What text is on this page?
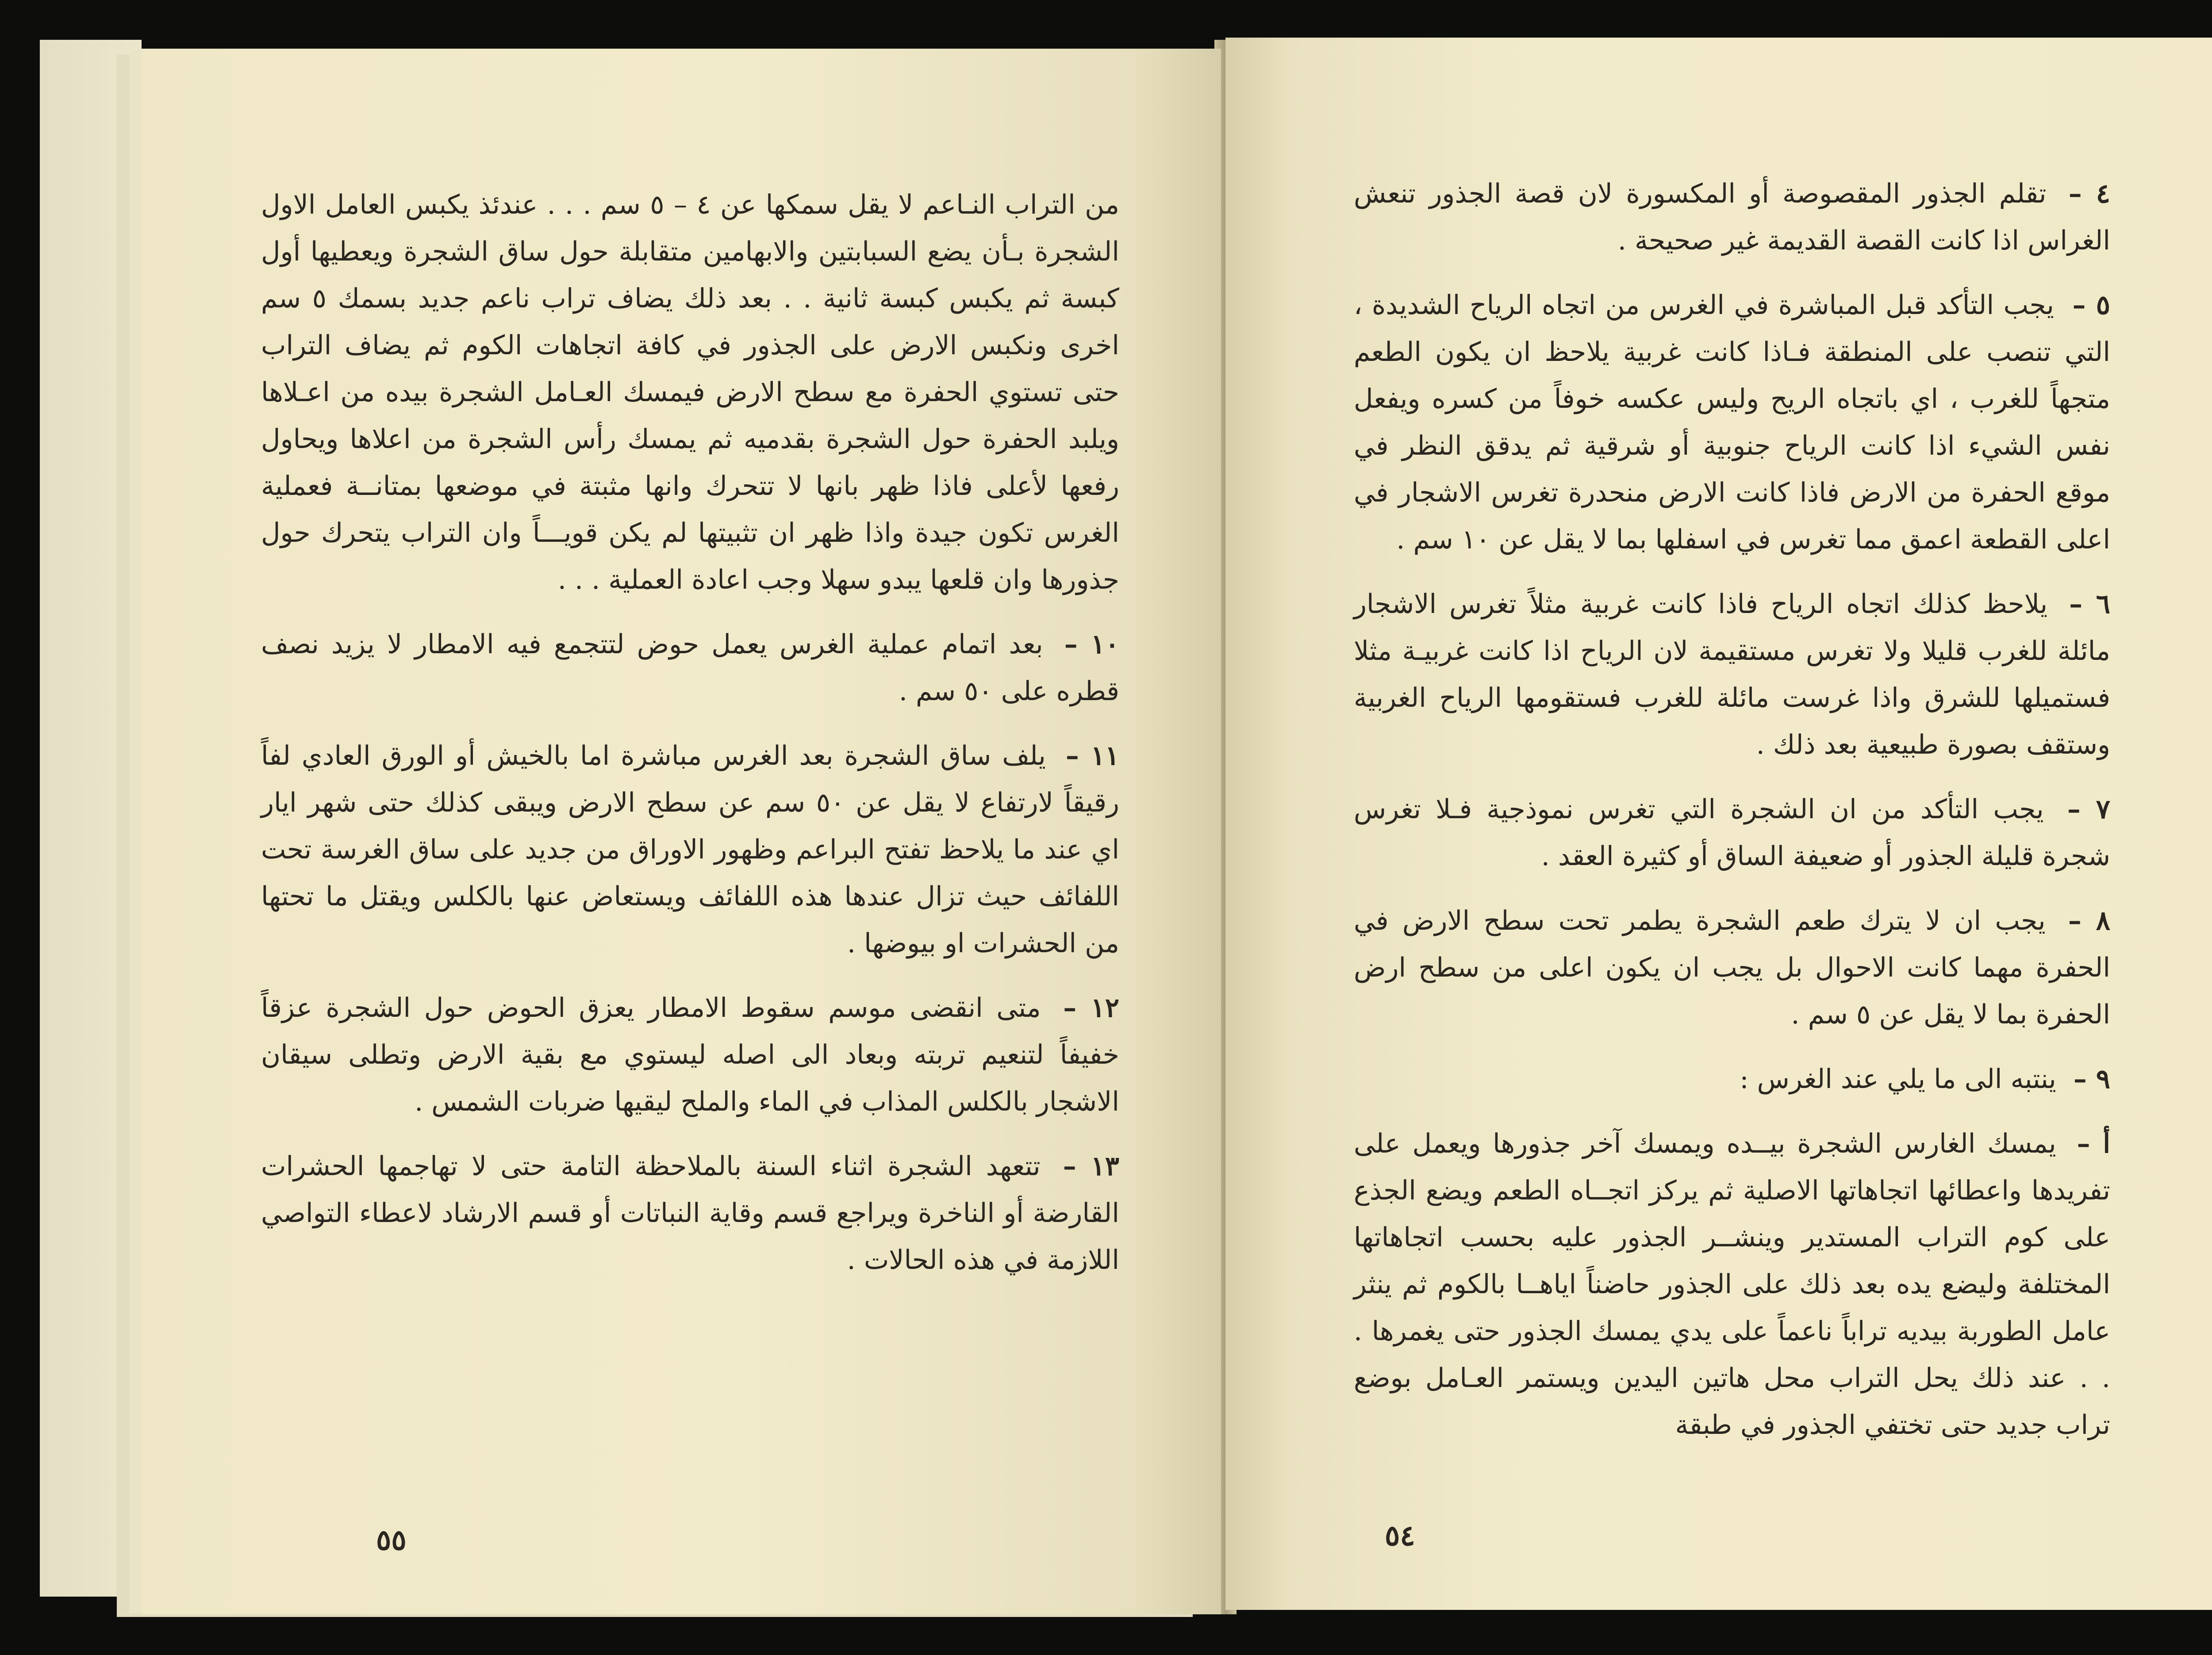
من التراب النـاعم لا يقل سمكها عن ٤ – ٥ سم . . . عندئذ يكبس العامل الاول الشجرة بـأن يضع السبابتين والابهامين متقابلة حول ساق الشجرة ويعطيها أول كبسة ثم يكبس كبسة ثانية . . بعد ذلك يضاف تراب ناعم جديد بسمك ٥ سم اخرى ونكبس الارض على الجذور في كافة اتجاهات الكوم ثم يضاف التراب حتى تستوي الحفرة مع سطح الارض فيمسك العـامل الشجرة بيده من اعـلاها ويلبد الحفرة حول الشجرة بقدميه ثم يمسك رأس الشجرة من اعلاها ويحاول رفعها لأعلى فاذا ظهر بانها لا تتحرك وانها مثبتة في موضعها بمتانــة فعملية الغرس تكون جيدة واذا ظهر ان تثبيتها لم يكن قويـــاً وان التراب يتحرك حول جذورها وان قلعها يبدو سهلا وجب اعادة العملية . . .
١٠ – بعد اتمام عملية الغرس يعمل حوض لتتجمع فيه الامطار لا يزيد نصف قطره على ٥٠ سم .
١١ – يلف ساق الشجرة بعد الغرس مباشرة اما بالخيش أو الورق العادي لفاً رقيقاً لارتفاع لا يقل عن ٥٠ سم عن سطح الارض ويبقى كذلك حتى شهر ايار اي عند ما يلاحظ تفتح البراعم وظهور الاوراق من جديد على ساق الغرسة تحت اللفائف حيث تزال عندها هذه اللفائف ويستعاض عنها بالكلس ويقتل ما تحتها من الحشرات او بيوضها .
١٢ – متى انقضى موسم سقوط الامطار يعزق الحوض حول الشجرة عزقاً خفيفاً لتنعيم تربته وبعاد الى اصله ليستوي مع بقية الارض وتطلى سيقان الاشجار بالكلس المذاب في الماء والملح ليقيها ضربات الشمس .
١٣ – تتعهد الشجرة اثناء السنة بالملاحظة التامة حتى لا تهاجمها الحشرات القارضة أو الناخرة ويراجع قسم وقاية النباتات أو قسم الارشاد لاعطاء التواصي اللازمة في هذه الحالات .
٥٥
٤ – تقلم الجذور المقصوصة أو المكسورة لان قصة الجذور تنعش الغراس اذا كانت القصة القديمة غير صحيحة .
٥ – يجب التأكد قبل المباشرة في الغرس من اتجاه الرياح الشديدة ، التي تنصب على المنطقة فـاذا كانت غربية يلاحظ ان يكون الطعم متجهاً للغرب ، اي باتجاه الريح وليس عكسه خوفاً من كسره ويفعل نفس الشيء اذا كانت الرياح جنوبية أو شرقية ثم يدقق النظر في موقع الحفرة من الارض فاذا كانت الارض منحدرة تغرس الاشجار في اعلى القطعة اعمق مما تغرس في اسفلها بما لا يقل عن ١٠ سم .
٦ – يلاحظ كذلك اتجاه الرياح فاذا كانت غربية مثلاً تغرس الاشجار مائلة للغرب قليلا ولا تغرس مستقيمة لان الرياح اذا كانت غربيـة مثلا فستميلها للشرق واذا غرست مائلة للغرب فستقومها الرياح الغربية وستقف بصورة طبيعية بعد ذلك .
٧ – يجب التأكد من ان الشجرة التي تغرس نموذجية فـلا تغرس شجرة قليلة الجذور أو ضعيفة الساق أو كثيرة العقد .
٨ – يجب ان لا يترك طعم الشجرة يطمر تحت سطح الارض في الحفرة مهما كانت الاحوال بل يجب ان يكون اعلى من سطح ارض الحفرة بما لا يقل عن ٥ سم .
٩ – ينتبه الى ما يلي عند الغرس :
أ – يمسك الغارس الشجرة بيــده ويمسك آخر جذورها ويعمل على تفريدها واعطائها اتجاهاتها الاصلية ثم يركز اتجــاه الطعم ويضع الجذع على كوم التراب المستدير وينشــر الجذور عليه بحسب اتجاهاتها المختلفة وليضع يده بعد ذلك على الجذور حاضناً اياهــا بالكوم ثم ينثر عامل الطوربة بيديه تراباً ناعماً على يدي يمسك الجذور حتى يغمرها . . . عند ذلك يحل التراب محل هاتين اليدين ويستمر العـامل بوضع تراب جديد حتى تختفي الجذور في طبقة
٥٤
